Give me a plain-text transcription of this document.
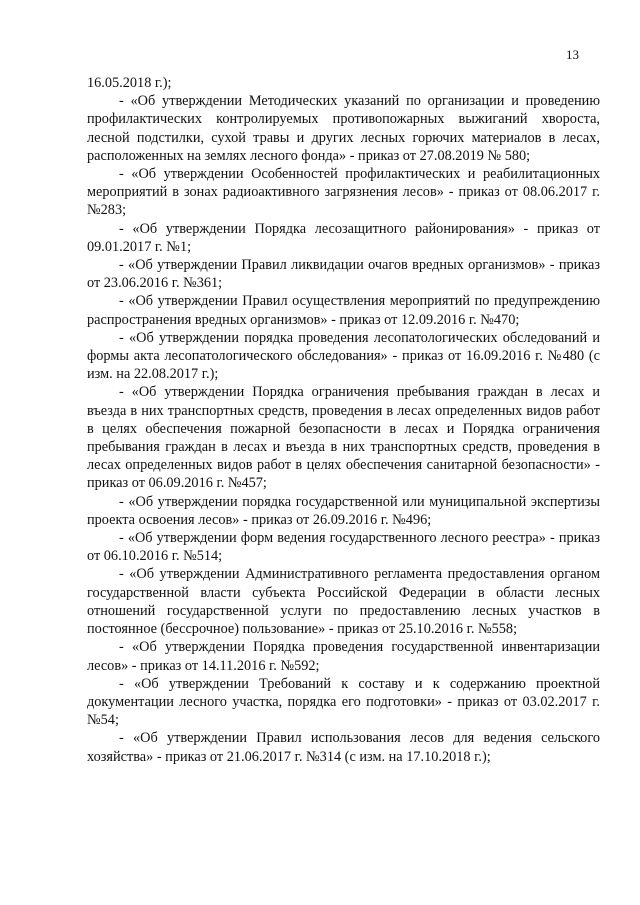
13

16.05.2018 г.);

- «Об утверждении Методических указаний по организации и проведению профилактических контролируемых противопожарных выжиганий хвороста, лесной подстилки, сухой травы и других лесных горючих материалов в лесах, расположенных на землях лесного фонда» - приказ от 27.08.2019 № 580;

- «Об утверждении Особенностей профилактических и реабилитационных мероприятий в зонах радиоактивного загрязнения лесов» - приказ от 08.06.2017 г. №283;

- «Об утверждении Порядка лесозащитного районирования» - приказ от 09.01.2017 г. №1;

- «Об утверждении Правил ликвидации очагов вредных организмов» - приказ от 23.06.2016 г. №361;

- «Об утверждении Правил осуществления мероприятий по предупреждению распространения вредных организмов» - приказ от 12.09.2016 г. №470;

- «Об утверждении порядка проведения лесопатологических обследований и формы акта лесопатологического обследования» - приказ от 16.09.2016 г. №480 (с изм. на 22.08.2017 г.);

- «Об утверждении Порядка ограничения пребывания граждан в лесах и въезда в них транспортных средств, проведения в лесах определенных видов работ в целях обеспечения пожарной безопасности в лесах и Порядка ограничения пребывания граждан в лесах и въезда в них транспортных средств, проведения в лесах определенных видов работ в целях обеспечения санитарной безопасности» - приказ от 06.09.2016 г. №457;

- «Об утверждении порядка государственной или муниципальной экспертизы проекта освоения лесов» - приказ от 26.09.2016 г. №496;

- «Об утверждении форм ведения государственного лесного реестра» - приказ от 06.10.2016 г. №514;

- «Об утверждении Административного регламента предоставления органом государственной власти субъекта Российской Федерации в области лесных отношений государственной услуги по предоставлению лесных участков в постоянное (бессрочное) пользование» - приказ от 25.10.2016 г. №558;

- «Об утверждении Порядка проведения государственной инвентаризации лесов» - приказ от 14.11.2016 г. №592;

- «Об утверждении Требований к составу и к содержанию проектной документации лесного участка, порядка его подготовки» - приказ от 03.02.2017 г. №54;

- «Об утверждении Правил использования лесов для ведения сельского хозяйства» - приказ от 21.06.2017 г. №314 (с изм. на 17.10.2018 г.);
